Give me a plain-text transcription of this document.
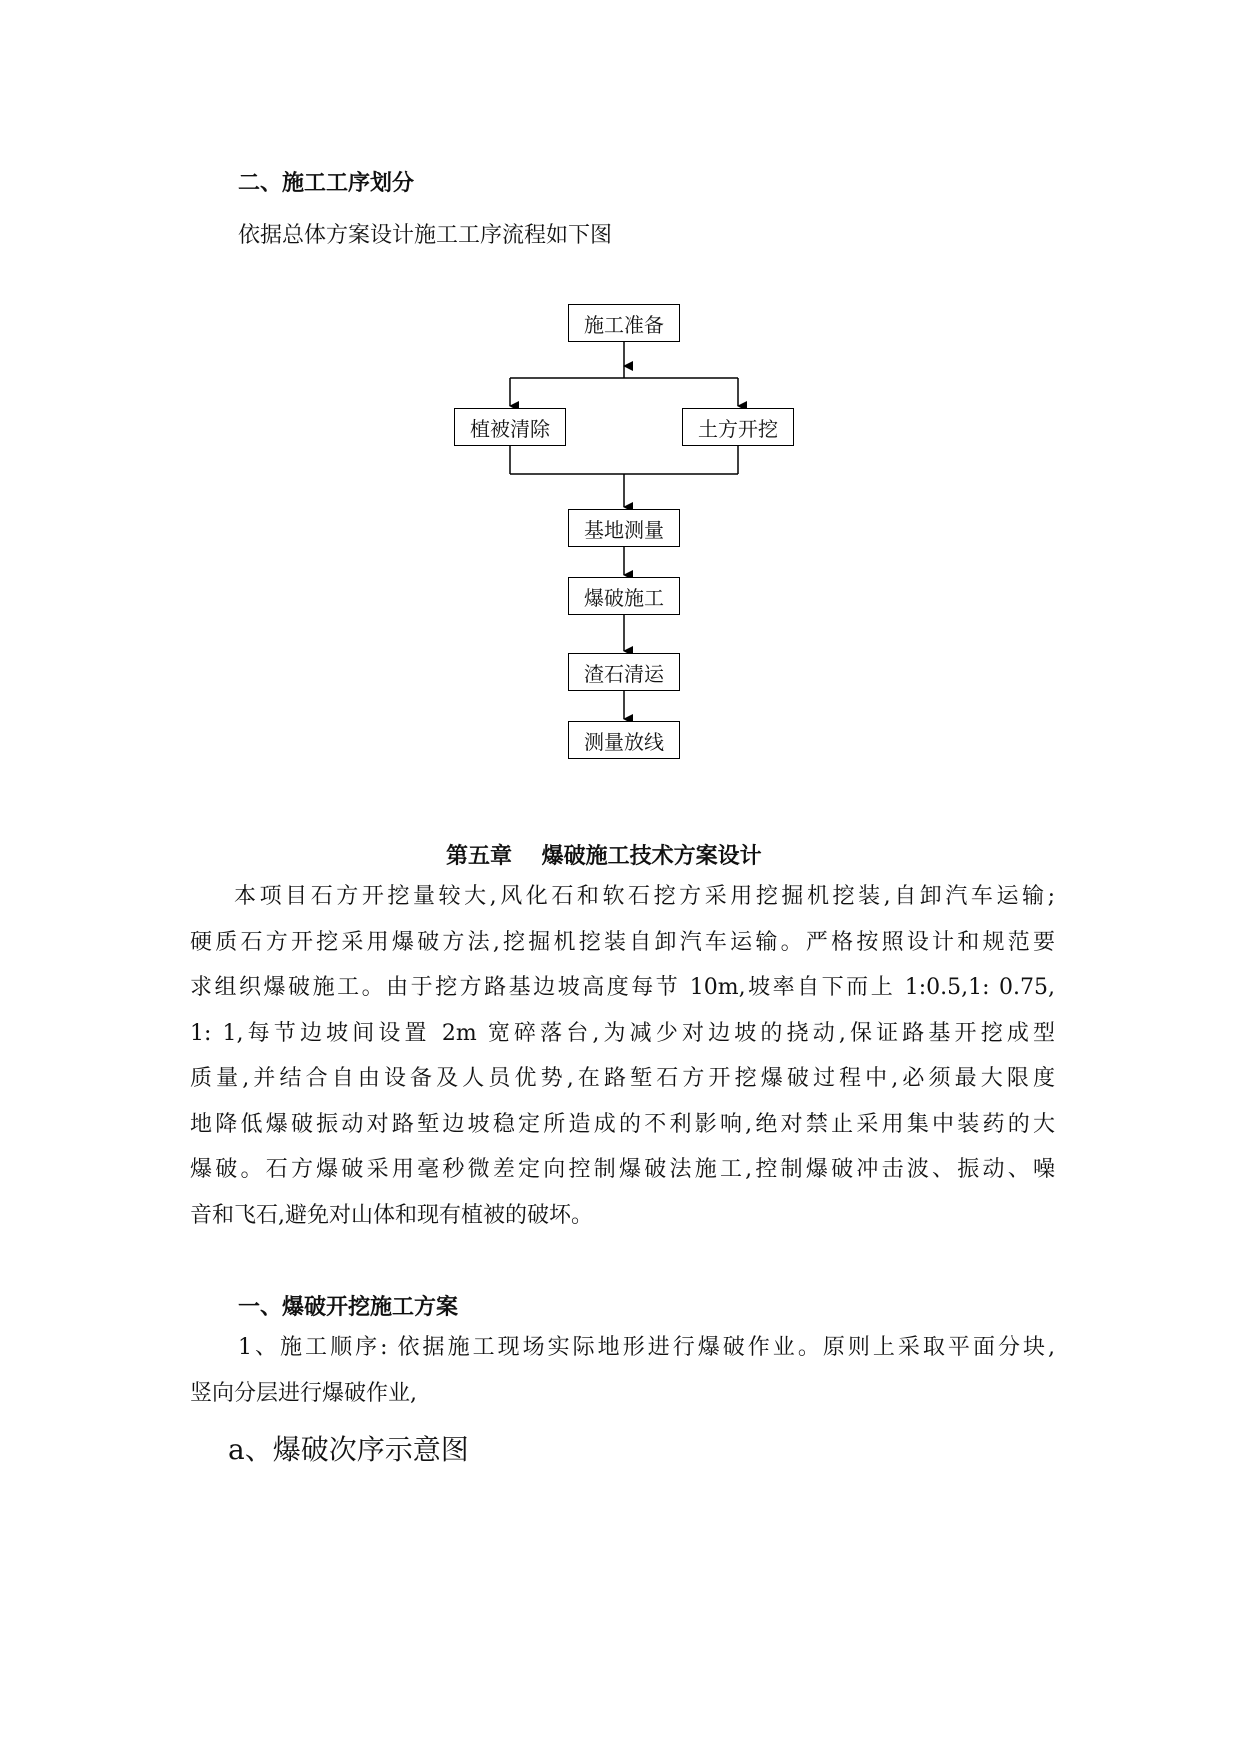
二、施工工序划分
依据总体方案设计施工工序流程如下图
施工准备
植被清除	土方开挖
基地测量
爆破施工
渣石清运
测量放线
第五章　 爆破施工技术方案设计
本项目石方开挖量较大,风化石和软石挖方采用挖掘机挖装,自卸汽车运输;
硬质石方开挖采用爆破方法,挖掘机挖装自卸汽车运输。严格按照设计和规范要
求组织爆破施工。由于挖方路基边坡高度每节 10m,坡率自下而上 1:0.5,1: 0.75,
1: 1,每节边坡间设置 2m 宽碎落台,为减少对边坡的挠动,保证路基开挖成型
质量,并结合自由设备及人员优势,在路堑石方开挖爆破过程中,必须最大限度
地降低爆破振动对路堑边坡稳定所造成的不利影响,绝对禁止采用集中装药的大
爆破。石方爆破采用毫秒微差定向控制爆破法施工,控制爆破冲击波、振动、噪
音和飞石,避免对山体和现有植被的破坏。
一、爆破开挖施工方案
1、施工顺序: 依据施工现场实际地形进行爆破作业。原则上采取平面分块,
竖向分层进行爆破作业,
a、爆破次序示意图
